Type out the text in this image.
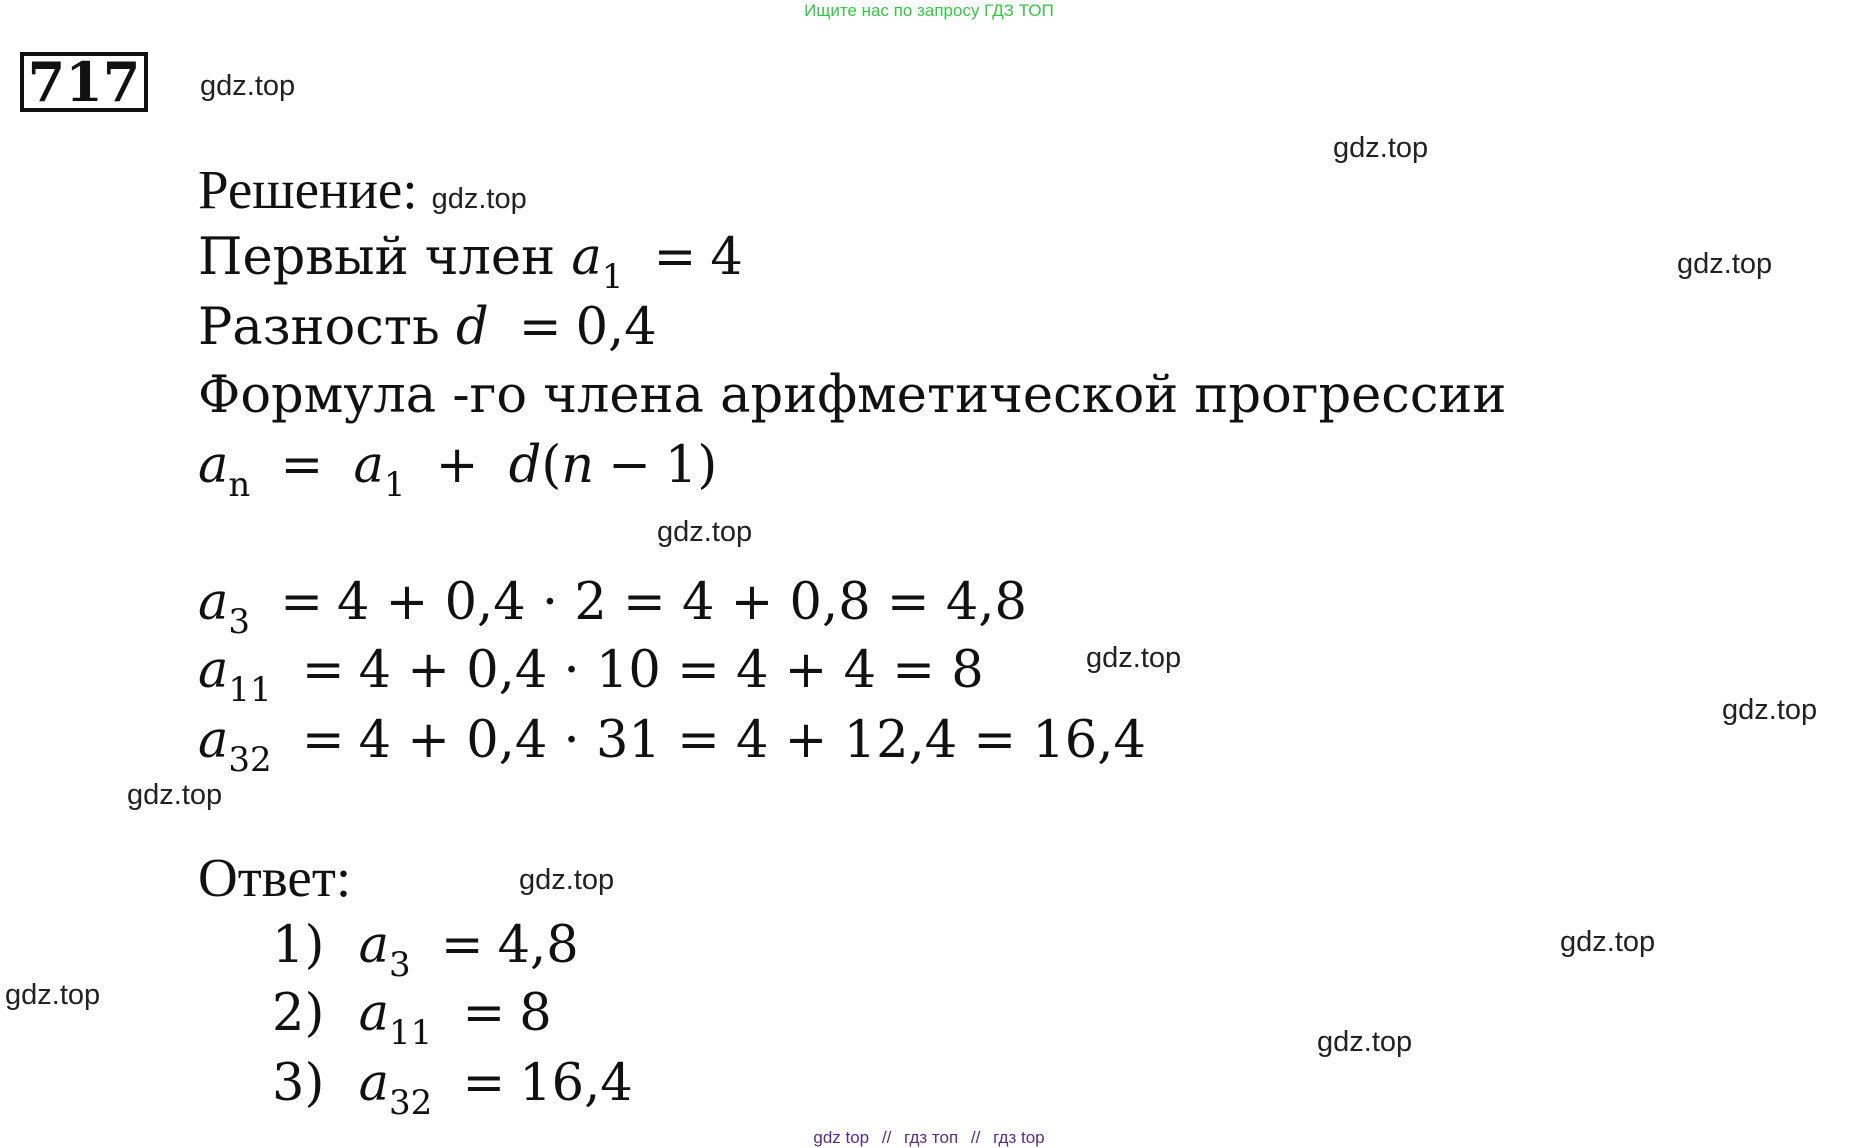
Ищите нас по запросу ГДЗ ТОП
717 gdz.top
gdz.top
gdz.top
gdz.top
gdz.top
gdz.top
gdz.top
gdz.top
gdz.top
gdz.top
gdz.top
Решение: gdz.top
Первый член $a_1 = 4$
Разность d = 0,4
Формула -го члена арифметической прогрессии
$a_n = a_1 + d(n - 1)$
$a_3 = 4 + 0,4 \cdot 2 = 4 + 0,8 = 4,8$
$a_{11} = 4 + 0,4 \cdot 10 = 4 + 4 = 8$
$a_{32} = 4 + 0,4 \cdot 31 = 4 + 12,4 = 16,4$
Ответ:
1) $a_3 = 4,8$
2) $a_{11} = 8$
3) $a_{32} = 16,4$
gdz top // гдз топ // гдз top
